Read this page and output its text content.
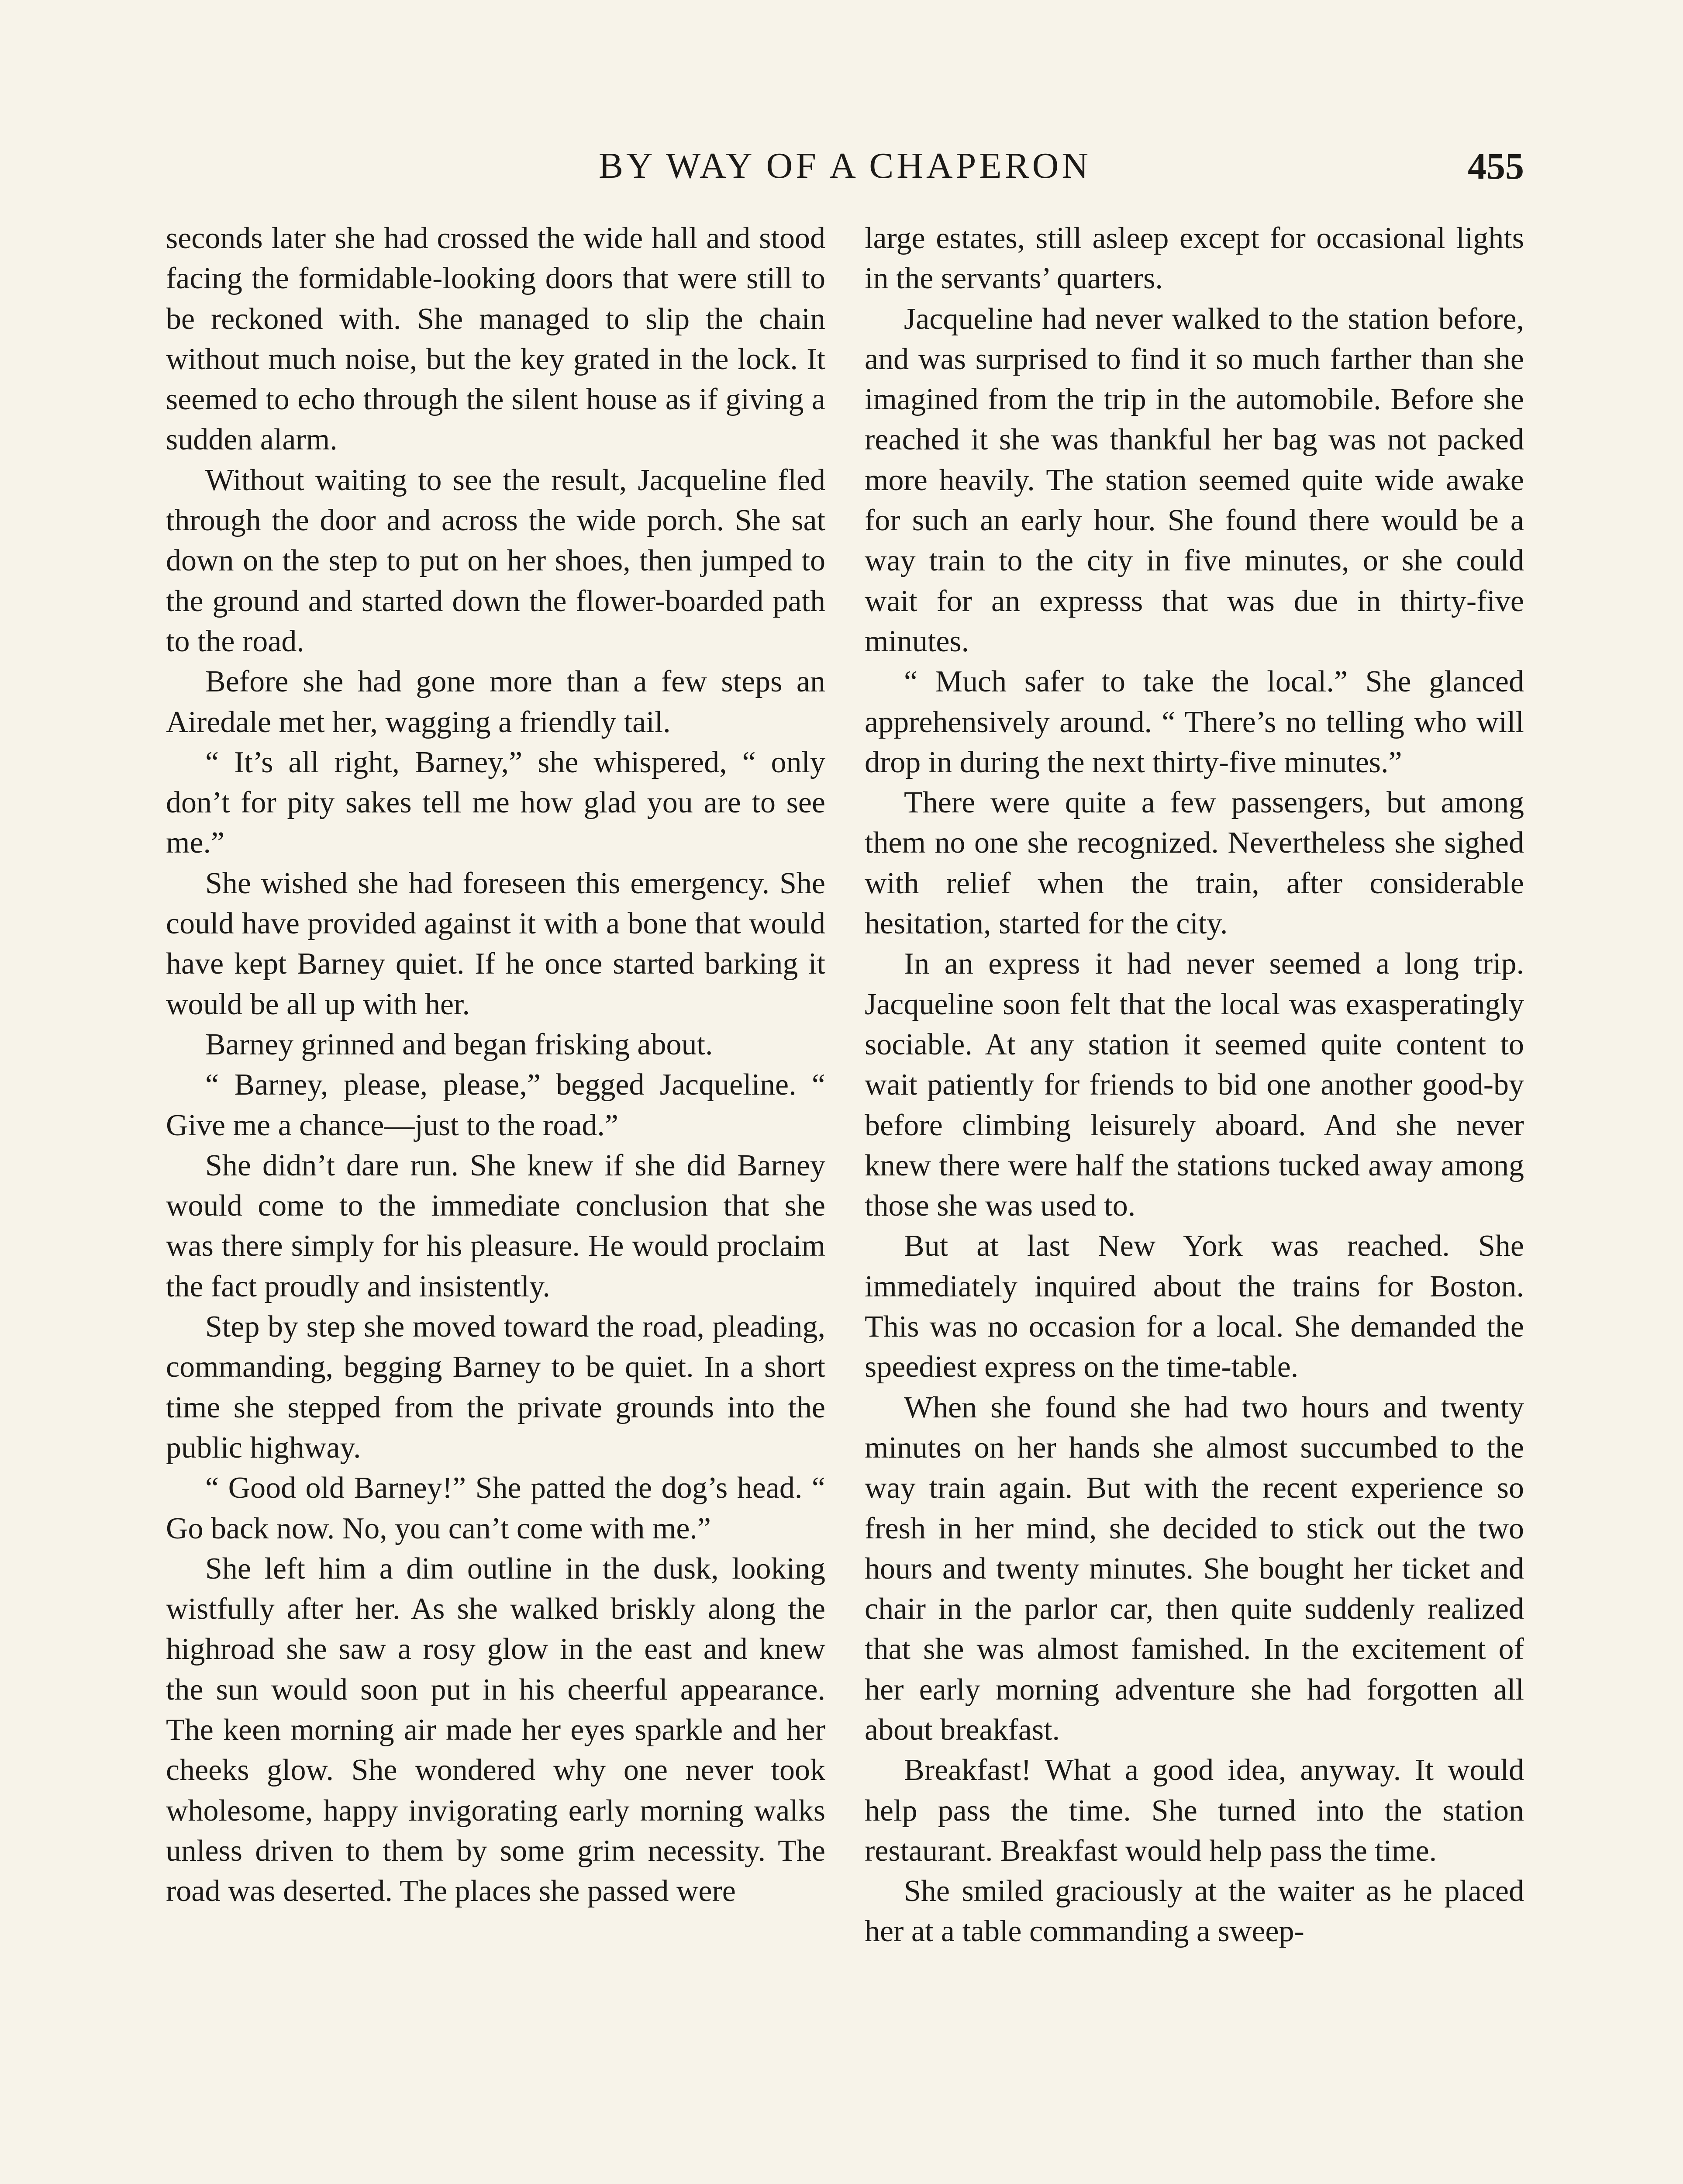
BY WAY OF A CHAPERON	455

seconds later she had crossed the wide hall and stood facing the formidable-looking doors that were still to be reckoned with. She managed to slip the chain without much noise, but the key grated in the lock. It seemed to echo through the silent house as if giving a sudden alarm.

Without waiting to see the result, Jacqueline fled through the door and across the wide porch. She sat down on the step to put on her shoes, then jumped to the ground and started down the flower-boarded path to the road.

Before she had gone more than a few steps an Airedale met her, wagging a friendly tail.

“ It’s all right, Barney,” she whispered, “ only don’t for pity sakes tell me how glad you are to see me.”

She wished she had foreseen this emergency. She could have provided against it with a bone that would have kept Barney quiet. If he once started barking it would be all up with her.

Barney grinned and began frisking about.

“ Barney, please, please,” begged Jacqueline. “ Give me a chance—just to the road.”

She didn’t dare run. She knew if she did Barney would come to the immediate conclusion that she was there simply for his pleasure. He would proclaim the fact proudly and insistently.

Step by step she moved toward the road, pleading, commanding, begging Barney to be quiet. In a short time she stepped from the private grounds into the public highway.

“ Good old Barney!” She patted the dog’s head. “ Go back now. No, you can’t come with me.”

She left him a dim outline in the dusk, looking wistfully after her. As she walked briskly along the highroad she saw a rosy glow in the east and knew the sun would soon put in his cheerful appearance. The keen morning air made her eyes sparkle and her cheeks glow. She wondered why one never took wholesome, happy invigorating early morning walks unless driven to them by some grim necessity. The road was deserted. The places she passed were

large estates, still asleep except for occasional lights in the servants’ quarters.

Jacqueline had never walked to the station before, and was surprised to find it so much farther than she imagined from the trip in the automobile. Before she reached it she was thankful her bag was not packed more heavily. The station seemed quite wide awake for such an early hour. She found there would be a way train to the city in five minutes, or she could wait for an expresss that was due in thirty-five minutes.

“ Much safer to take the local.” She glanced apprehensively around. “ There’s no telling who will drop in during the next thirty-five minutes.”

There were quite a few passengers, but among them no one she recognized. Nevertheless she sighed with relief when the train, after considerable hesitation, started for the city.

In an express it had never seemed a long trip. Jacqueline soon felt that the local was exasperatingly sociable. At any station it seemed quite content to wait patiently for friends to bid one another good-by before climbing leisurely aboard. And she never knew there were half the stations tucked away among those she was used to.

But at last New York was reached. She immediately inquired about the trains for Boston. This was no occasion for a local. She demanded the speediest express on the time-table.

When she found she had two hours and twenty minutes on her hands she almost succumbed to the way train again. But with the recent experience so fresh in her mind, she decided to stick out the two hours and twenty minutes. She bought her ticket and chair in the parlor car, then quite suddenly realized that she was almost famished. In the excitement of her early morning adventure she had forgotten all about breakfast.

Breakfast! What a good idea, anyway. It would help pass the time. She turned into the station restaurant. Breakfast would help pass the time.

She smiled graciously at the waiter as he placed her at a table commanding a sweep-
